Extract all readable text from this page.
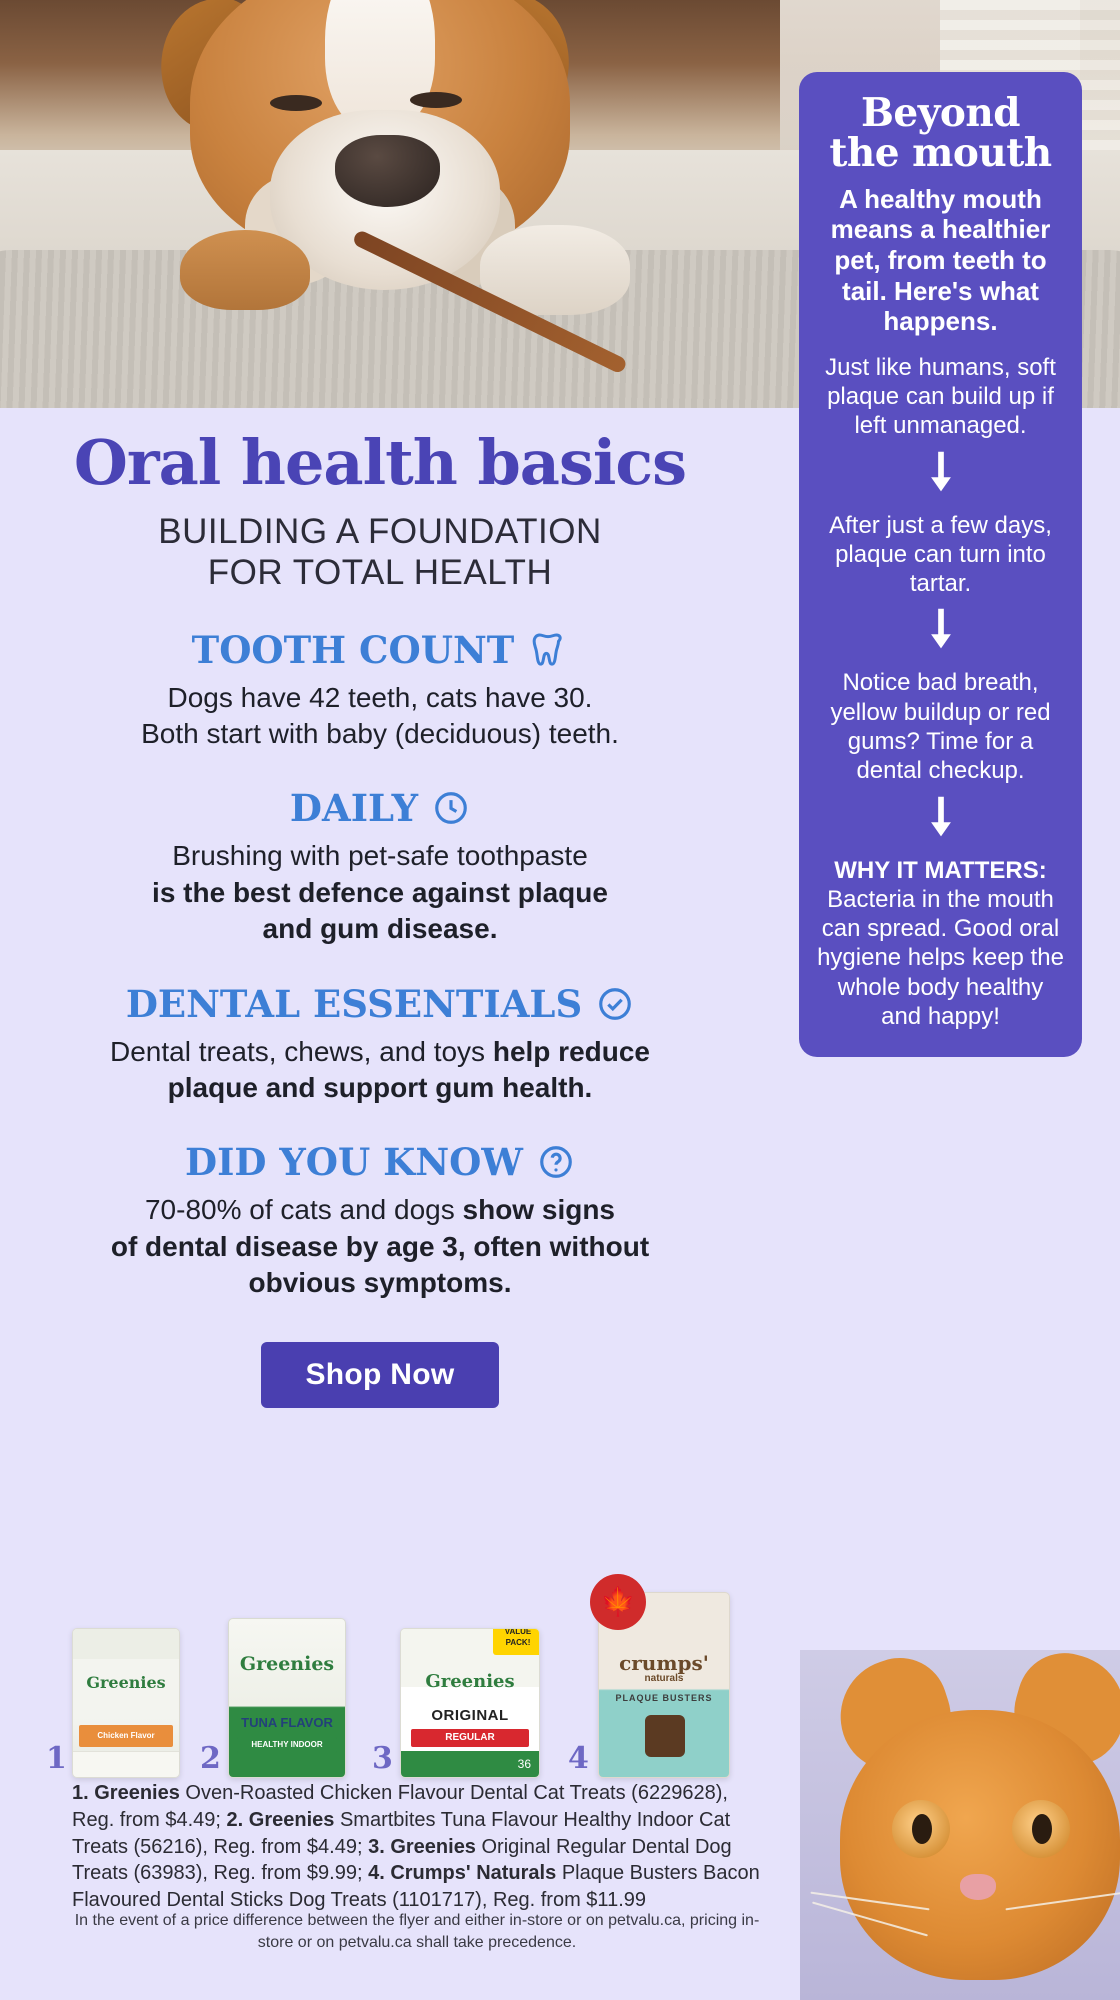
Oral health basics
BUILDING A FOUNDATION
FOR TOTAL HEALTH
TOOTH COUNT
Dogs have 42 teeth, cats have 30.
Both start with baby (deciduous) teeth.
DAILY
Brushing with pet-safe toothpaste
is the best defence against plaque
and gum disease.
DENTAL ESSENTIALS
Dental treats, chews, and toys help reduce
plaque and support gum health.
DID YOU KNOW
70-80% of cats and dogs show signs
of dental disease by age 3, often without
obvious symptoms.
Shop Now
Beyond
the mouth
A healthy mouth means a healthier pet, from teeth to tail. Here's what happens.
Just like humans, soft plaque can build up if left unmanaged.
After just a few days, plaque can turn into tartar.
Notice bad breath, yellow buildup or red gums? Time for a dental checkup.
WHY IT MATTERS:
Bacteria in the mouth can spread. Good oral hygiene helps keep the whole body healthy and happy!
1
Greenies
Chicken Flavor
2
Greenies
TUNA FLAVOR
HEALTHY INDOOR	3
Greenies
ORIGINAL
REGULAR
36
VALUE PACK!
4
crumps'
naturals
PLAQUE BUSTERS
🍁
1. Greenies Oven-Roasted Chicken Flavour Dental Cat Treats (6229628), Reg. from $4.49; 2. Greenies Smartbites Tuna Flavour Healthy Indoor Cat Treats (56216), Reg. from $4.49; 3. Greenies Original Regular Dental Dog Treats (63983), Reg. from $9.99; 4. Crumps' Naturals Plaque Busters Bacon Flavoured Dental Sticks Dog Treats (1101717), Reg. from $11.99
In the event of a price difference between the flyer and either in-store or on petvalu.ca, pricing in-store or on petvalu.ca shall take precedence.
